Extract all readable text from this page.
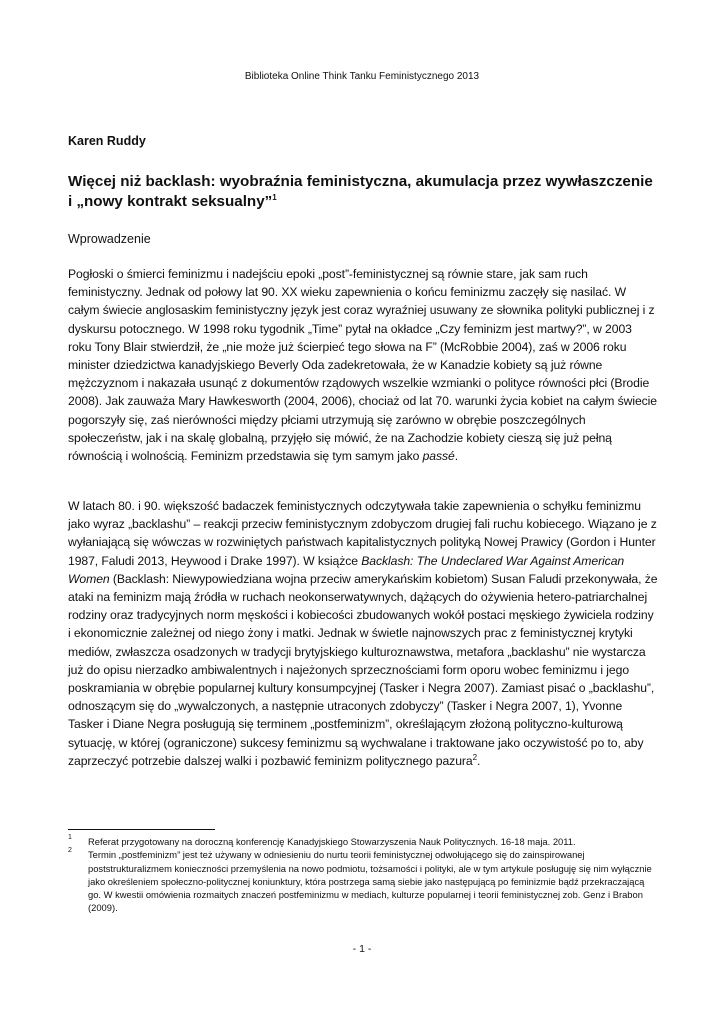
Biblioteka Online Think Tanku Feministycznego 2013
Karen Ruddy
Więcej niż backlash: wyobraźnia feministyczna, akumulacja przez wywłaszczenie i „nowy kontrakt seksualny”$^1$
Wprowadzenie

Pogłoski o śmierci feminizmu i nadejściu epoki „post”-feministycznej są równie stare, jak sam ruch feministyczny. Jednak od połowy lat 90. XX wieku zapewnienia o końcu feminizmu zaczęły się nasilać. W całym świecie anglosaskim feministyczny język jest coraz wyraźniej usuwany ze słownika polityki publicznej i z dyskursu potocznego. W 1998 roku tygodnik „Time” pytał na okładce „Czy feminizm jest martwy?”, w 2003 roku Tony Blair stwierdził, że „nie może już ścierpieć tego słowa na F” (McRobbie 2004), zaś w 2006 roku minister dziedzictwa kanadyjskiego Beverly Oda zadekretowała, że w Kanadzie kobiety są już równe mężczyznom i nakazała usunąć z dokumentów rządowych wszelkie wzmianki o polityce równości płci (Brodie 2008). Jak zauważa Mary Hawkesworth (2004, 2006), chociaż od lat 70. warunki życia kobiet na całym świecie pogorszyły się, zaś nierówności między płciami utrzymują się zarówno w obrębie poszczególnych społeczeństw, jak i na skalę globalną, przyjęło się mówić, że na Zachodzie kobiety cieszą się już pełną równością i wolnością. Feminizm przedstawia się tym samym jako passé.

W latach 80. i 90. większość badaczek feministycznych odczytywała takie zapewnienia o schyłku feminizmu jako wyraz „backlashu” – reakcji przeciw feministycznym zdobyczom drugiej fali ruchu kobiecego. Wiązano je z wyłaniającą się wówczas w rozwiniętych państwach kapitalistycznych polityką Nowej Prawicy (Gordon i Hunter 1987, Faludi 2013, Heywood i Drake 1997). W książce Backlash: The Undeclared War Against American Women (Backlash: Niewypowiedziana wojna przeciw amerykańskim kobietom) Susan Faludi przekonywała, że ataki na feminizm mają źródła w ruchach neokonserwatywnych, dążących do ożywienia hetero-patriarchalnej rodziny oraz tradycyjnych norm męskości i kobiecości zbudowanych wokół postaci męskiego żywiciela rodziny i ekonomicznie zależnej od niego żony i matki. Jednak w świetle najnowszych prac z feministycznej krytyki mediów, zwłaszcza osadzonych w tradycji brytyjskiego kulturoznawstwa, metafora „backlashu” nie wystarcza już do opisu nierzadko ambiwalentnych i najeżonych sprzecznościami form oporu wobec feminizmu i jego poskramiania w obrębie popularnej kultury konsumpcyjnej (Tasker i Negra 2007). Zamiast pisać o „backlashu”, odnoszącym się do „wywalczonych, a następnie utraconych zdobyczy” (Tasker i Negra 2007, 1), Yvonne Tasker i Diane Negra posługują się terminem „postfeminizm”, określającym złożoną polityczno-kulturową sytuację, w której (ograniczone) sukcesy feminizmu są wychwalane i traktowane jako oczywistość po to, aby zaprzeczyć potrzebie dalszej walki i pozbawić feminizm politycznego pazura$^2$.

1 Referat przygotowany na doroczną konferencję Kanadyjskiego Stowarzyszenia Nauk Politycznych. 16-18 maja. 2011.
2 Termin „postfeminizm” jest też używany w odniesieniu do nurtu teorii feministycznej odwołującego się do zainspirowanej poststrukturalizmem konieczności przemyślenia na nowo podmiotu, tożsamości i polityki, ale w tym artykule posługuję się nim wyłącznie jako określeniem społeczno-politycznej koniunktury, która postrzega samą siebie jako następującą po feminizmie bądź przekraczającą go. W kwestii omówienia rozmaitych znaczeń postfeminizmu w mediach, kulturze popularnej i teorii feministycznej zob. Genz i Brabon (2009).
- 1 -
